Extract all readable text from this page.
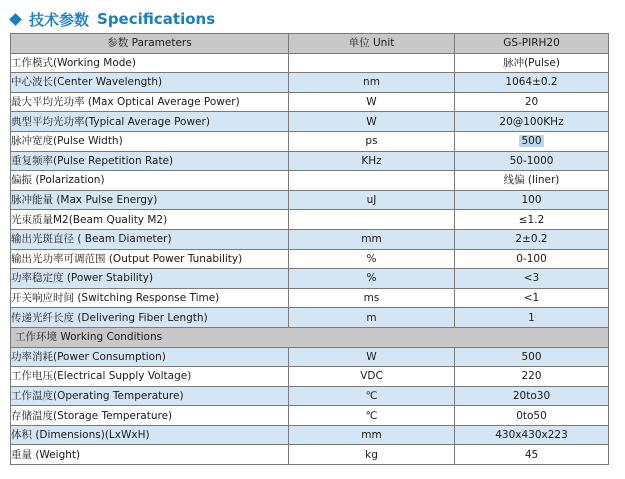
技术参数 Specifications
参数 Parameters	单位 Unit	GS-PIRH20
工作模式(Working Mode)		脉冲(Pulse)
中心波长(Center Wavelength)	nm	1064±0.2
最大平均光功率 (Max Optical Average Power)	W	20
典型平均光功率(Typical Average Power)	W	20@100KHz
脉冲宽度(Pulse Width)	ps	500
重复频率(Pulse Repetition Rate)	KHz	50-1000
偏振 (Polarization)		线偏 (liner)
脉冲能量 (Max Pulse Energy)	uJ	100
光束质量M2(Beam Quality M2)		≤1.2
输出光斑直径 ( Beam Diameter)	mm	2±0.2
输出光功率可调范围 (Output Power Tunability)	%	0-100
功率稳定度 (Power Stability)	%	<3
开关响应时间 (Switching Response Time)	ms	<1
传递光纤长度 (Delivering Fiber Length)	m	1
工作环境 Working Conditions		
功率消耗(Power Consumption)	W	500
工作电压(Electrical Supply Voltage)	VDC	220
工作温度(Operating Temperature)	℃	20to30
存储温度(Storage Temperature)	℃	0to50
体积 (Dimensions)(LxWxH)	mm	430x430x223
重量 (Weight)	kg	45
